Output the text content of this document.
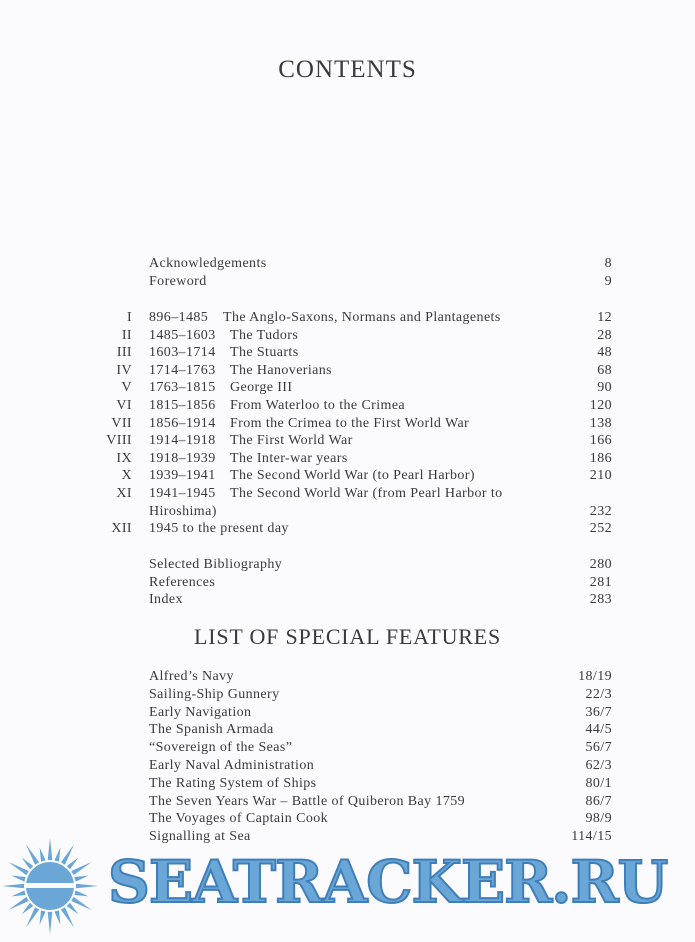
CONTENTS
Acknowledgements	8
Foreword	9
I 896–1485 The Anglo-Saxons, Normans and Plantagenets	12
II 1485–1603 The Tudors	28
III 1603–1714 The Stuarts	48
IV 1714–1763 The Hanoverians	68
V 1763–1815 George III	90
VI 1815–1856 From Waterloo to the Crimea	120
VII 1856–1914 From the Crimea to the First World War	138
VIII 1914–1918 The First World War	166
IX 1918–1939 The Inter-war years	186
X 1939–1941 The Second World War (to Pearl Harbor)	210
XI 1941–1945 The Second World War (from Pearl Harbor to
Hiroshima)	232
XII 1945 to the present day	252
Selected Bibliography	280
References	281
Index	283
LIST OF SPECIAL FEATURES
Alfred’s Navy	18/19
Sailing-Ship Gunnery	22/3
Early Navigation	36/7
The Spanish Armada	44/5
“Sovereign of the Seas”	56/7
Early Naval Administration	62/3
The Rating System of Ships	80/1
The Seven Years War – Battle of Quiberon Bay 1759	86/7
The Voyages of Captain Cook	98/9
Signalling at Sea	114/15
SEATRACKER.RU
